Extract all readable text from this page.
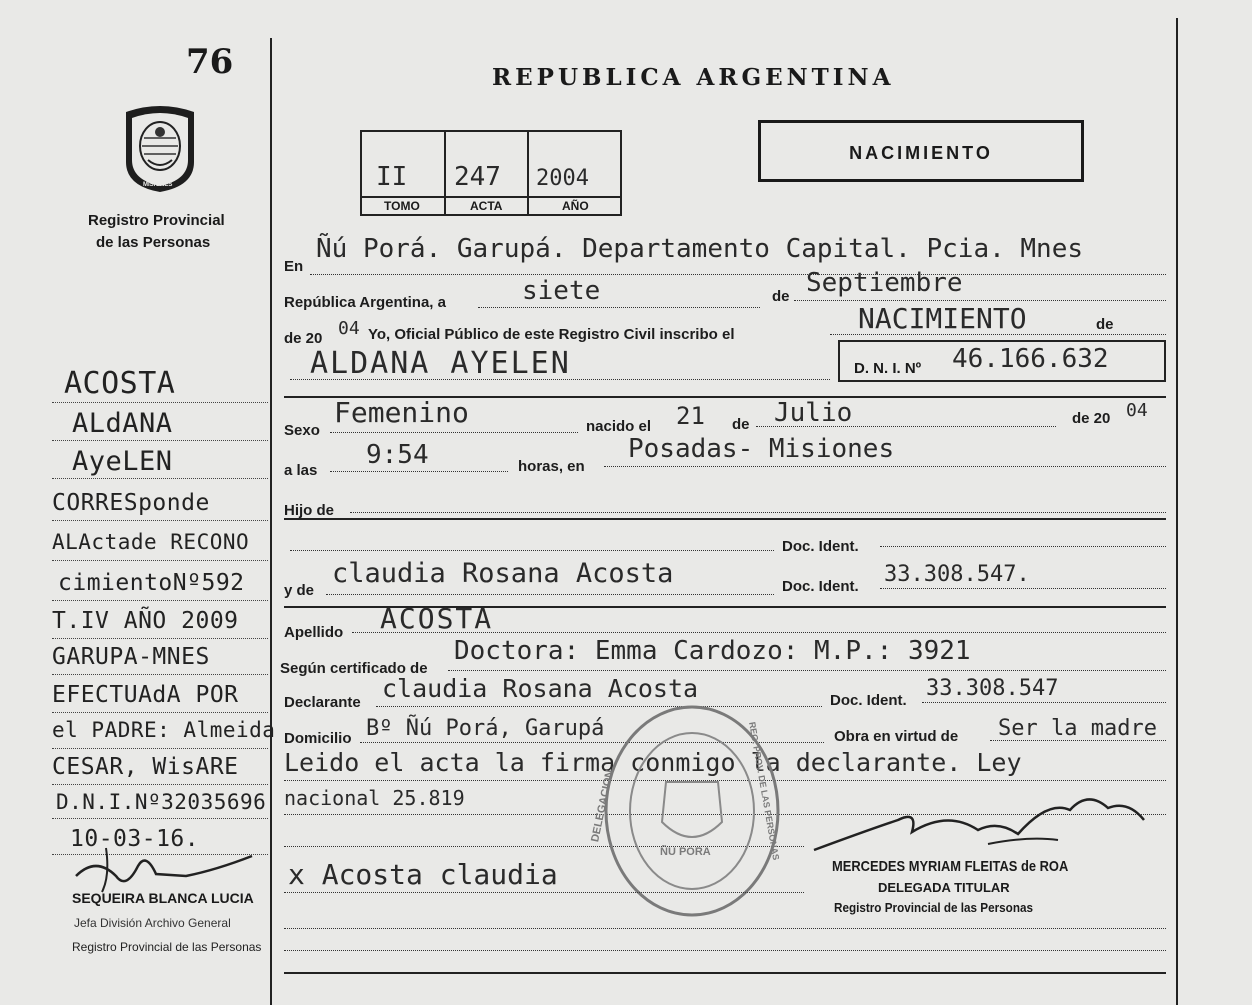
76
PROVINCIA
MISIONES
Registro Provincial
de las Personas
REPUBLICA ARGENTINA
II 247 2004
TOMO	ACTA	AÑO
NACIMIENTO
En
Ñú Porá. Garupá. Departamento Capital. Pcia. Mnes
República Argentina, a	siete	de Septiembre
de 20 04 Yo, Oficial Público de este Registro Civil inscribo el	NACIMIENTO	de
ALDANA AYELEN	D. N. I. Nº 46.166.632
Sexo
Femenino	nacido el 21 de Julio	de 20 04
a las
9:54	horas, en
Posadas- Misiones
Hijo de
Doc. Ident.
y de
claudia Rosana Acosta	Doc. Ident. 33.308.547.
Apellido ACOSTA
Según certificado de
Doctora: Emma Cardozo: M.P.: 3921
Declarante claudia Rosana Acosta	Doc. Ident. 33.308.547
Domicilio Bº Ñú Porá, Garupá	Obra en virtud de Ser la madre
Leido el acta la firma conmigo la declarante. Ley
nacional 25.819	DELEGACION	REG. PROV. DE LAS PERSONAS
ÑU PORA
MERCEDES MYRIAM FLEITAS de ROA
DELEGADA TITULAR
Registro Provincial de las Personas
x Acosta claudia
ACOSTA
ALdANA
AyeLEN
CORRESponde
ALActade RECONO
cimientoNº592
T.IV AÑO 2009
GARUPA-MNES
EFECTUAdA POR
el PADRE: Almeida
CESAR, WisARE
D.N.I.Nº32035696
10-03-16.
SEQUEIRA BLANCA LUCIA
Jefa División Archivo General
Registro Provincial de las Personas
